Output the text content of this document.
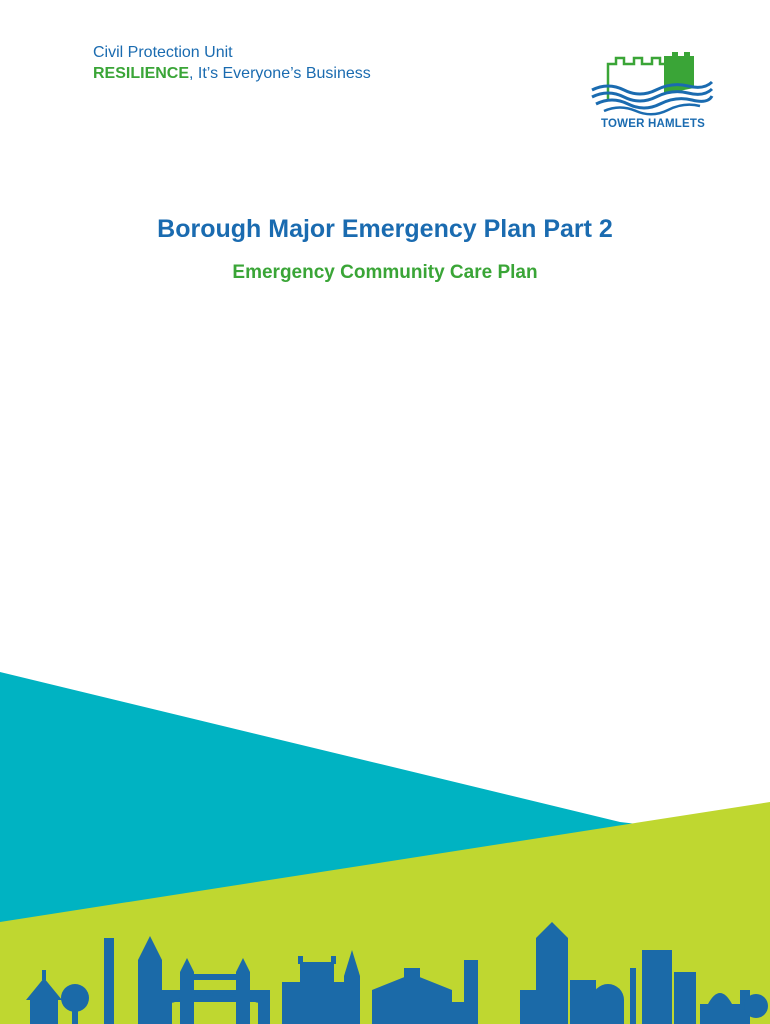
Civil Protection Unit
RESILIENCE, It’s Everyone’s Business
TOWER HAMLETS
Borough Major Emergency Plan Part 2
Emergency Community Care Plan
